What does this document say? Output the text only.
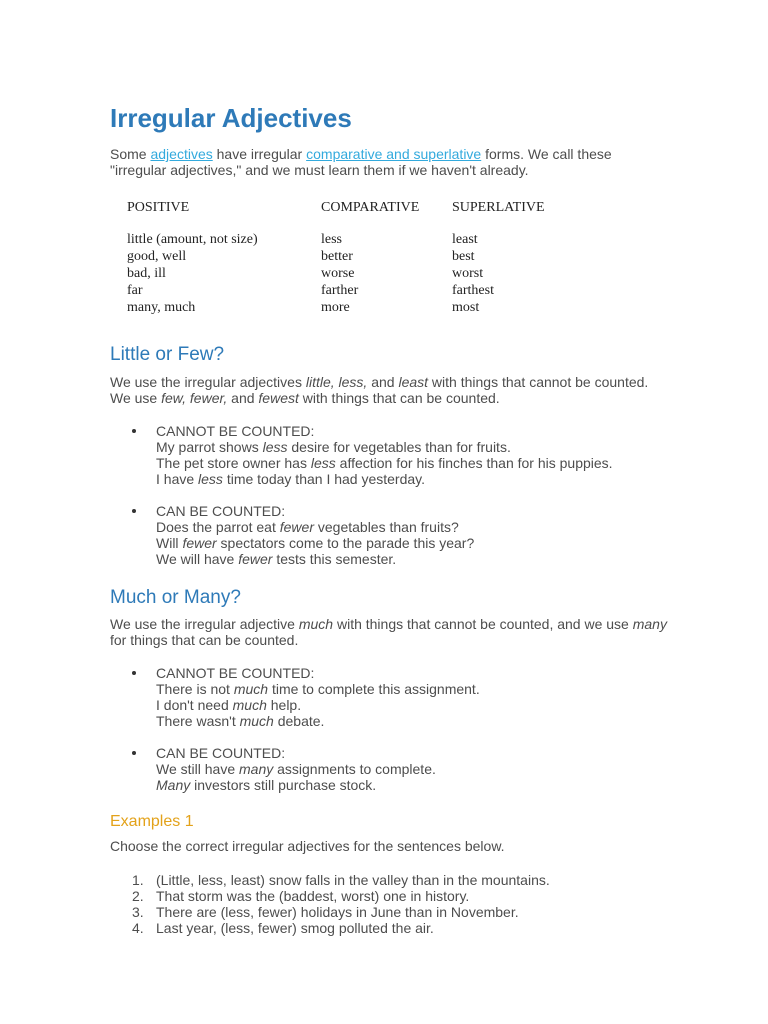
Irregular Adjectives

Some adjectives have irregular comparative and superlative forms. We call these "irregular adjectives," and we must learn them if we haven't already.

POSITIVE
little (amount, not size)
good, well
bad, ill
far
many, much
COMPARATIVE
less
better
worse
farther
more
SUPERLATIVE
least
best
worst
farthest
most
Little or Few?

We use the irregular adjectives little, less, and least with things that cannot be counted. We use few, fewer, and fewest with things that can be counted.

CANNOT BE COUNTED:
My parrot shows less desire for vegetables than for fruits.
The pet store owner has less affection for his finches than for his puppies.
I have less time today than I had yesterday.
CAN BE COUNTED:
Does the parrot eat fewer vegetables than fruits?
Will fewer spectators come to the parade this year?
We will have fewer tests this semester.
Much or Many?

We use the irregular adjective much with things that cannot be counted, and we use many for things that can be counted.

CANNOT BE COUNTED:
There is not much time to complete this assignment.
I don't need much help.
There wasn't much debate.
CAN BE COUNTED:
We still have many assignments to complete.
Many investors still purchase stock.
Examples 1

Choose the correct irregular adjectives for the sentences below.

1. (Little, less, least) snow falls in the valley than in the mountains.
2. That storm was the (baddest, worst) one in history.
3. There are (less, fewer) holidays in June than in November.
4. Last year, (less, fewer) smog polluted the air.
